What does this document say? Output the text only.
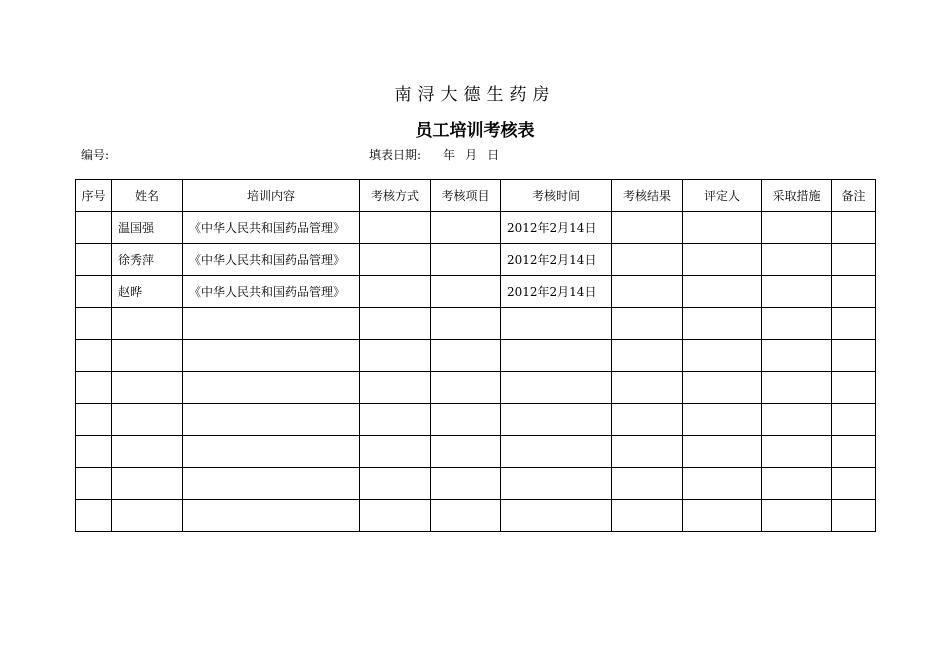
南浔大德生药房
员工培训考核表
编号:	填表日期: 年 月 日
序号	姓名	培训内容	考核方式	考核项目	考核时间	考核结果	评定人	采取措施	备注
	温国强	《中华人民共和国药品管理》			2012年2月14日				
	徐秀萍	《中华人民共和国药品管理》			2012年2月14日				
	赵晔	《中华人民共和国药品管理》			2012年2月14日				
